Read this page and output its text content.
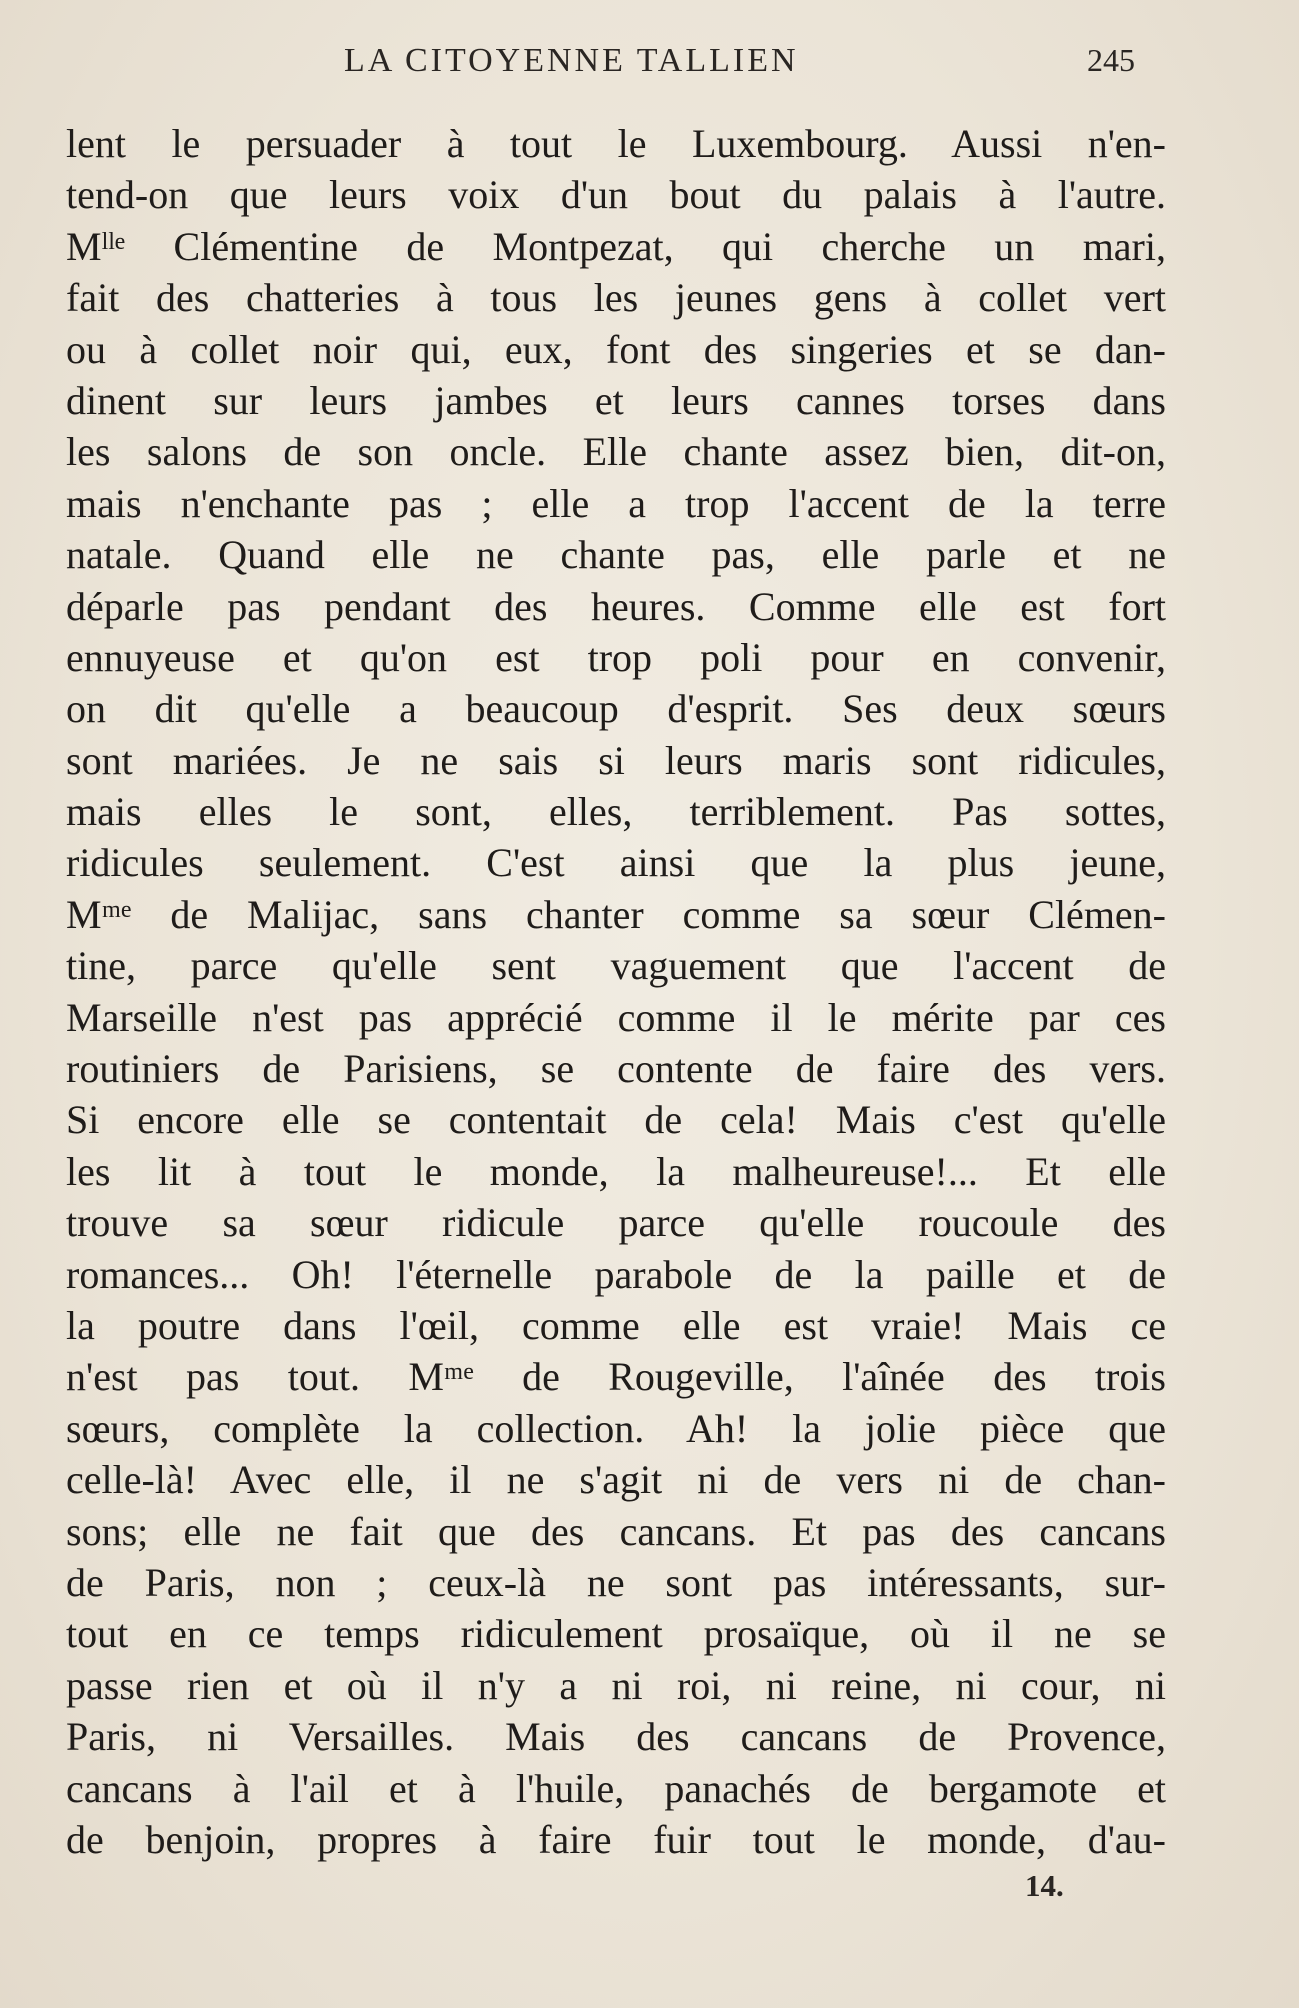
LA CITOYENNE TALLIEN	245
lent le persuader à tout le Luxembourg. Aussi n'en-
tend-on que leurs voix d'un bout du palais à l'autre.
Mˡˡᵉ Clémentine de Montpezat, qui cherche un mari,
fait des chatteries à tous les jeunes gens à collet vert
ou à collet noir qui, eux, font des singeries et se dan-
dinent sur leurs jambes et leurs cannes torses dans
les salons de son oncle. Elle chante assez bien, dit-on,
mais n'enchante pas ; elle a trop l'accent de la terre
natale. Quand elle ne chante pas, elle parle et ne
déparle pas pendant des heures. Comme elle est fort
ennuyeuse et qu'on est trop poli pour en convenir,
on dit qu'elle a beaucoup d'esprit. Ses deux sœurs
sont mariées. Je ne sais si leurs maris sont ridicules,
mais elles le sont, elles, terriblement. Pas sottes,
ridicules seulement. C'est ainsi que la plus jeune,
Mᵐᵉ de Malijac, sans chanter comme sa sœur Clémen-
tine, parce qu'elle sent vaguement que l'accent de
Marseille n'est pas apprécié comme il le mérite par ces
routiniers de Parisiens, se contente de faire des vers.
Si encore elle se contentait de cela! Mais c'est qu'elle
les lit à tout le monde, la malheureuse!... Et elle
trouve sa sœur ridicule parce qu'elle roucoule des
romances... Oh! l'éternelle parabole de la paille et de
la poutre dans l'œil, comme elle est vraie! Mais ce
n'est pas tout. Mᵐᵉ de Rougeville, l'aînée des trois
sœurs, complète la collection. Ah! la jolie pièce que
celle-là! Avec elle, il ne s'agit ni de vers ni de chan-
sons; elle ne fait que des cancans. Et pas des cancans
de Paris, non ; ceux-là ne sont pas intéressants, sur-
tout en ce temps ridiculement prosaïque, où il ne se
passe rien et où il n'y a ni roi, ni reine, ni cour, ni
Paris, ni Versailles. Mais des cancans de Provence,
cancans à l'ail et à l'huile, panachés de bergamote et
de benjoin, propres à faire fuir tout le monde, d'au-
14.
